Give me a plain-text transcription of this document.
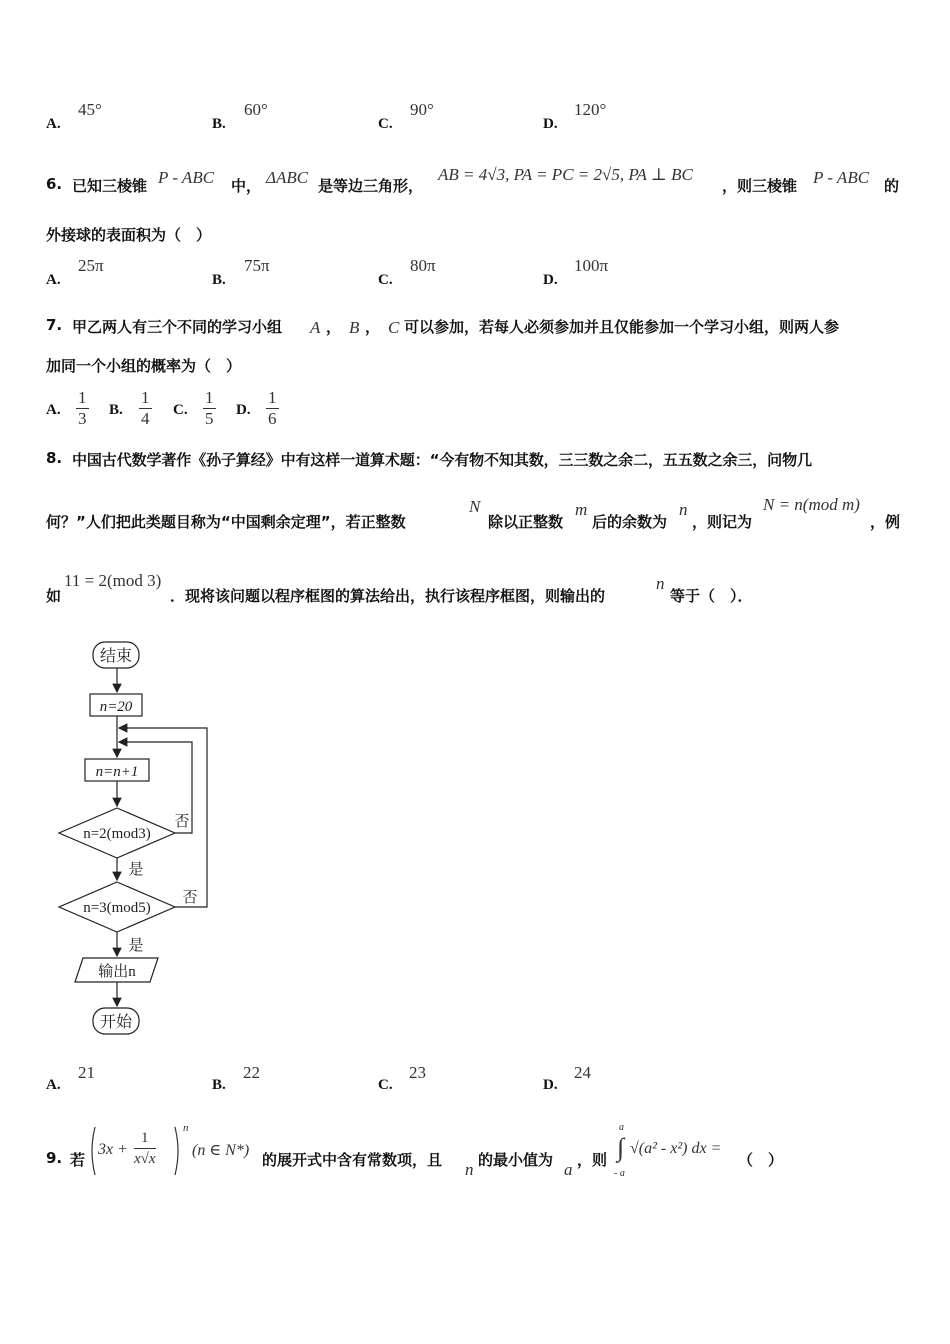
A.
45°
B.
60°
C.
90°
D.
120°
6. 已知三棱锥 P - ABC 中， ΔABC 是等边三角形，
AB = 4√3, PA = PC = 2√5, PA ⊥ BC
，则三棱锥 P - ABC 的
外接球的表面积为（　）
A.
25π
B.
75π
C.
80π
D.
100π
7. 甲乙两人有三个不同的学习小组 A ， B ， C 可以参加，若每人必须参加并且仅能参加一个学习小组，则两人参
加同一个小组的概率为（　）
A. $\frac{1}{3} B$. $\frac{1}{4} C$. $\frac{1}{5} D$. $\frac{1}{6}$
8. 中国古代数学著作《孙子算经》中有这样一道算术题：“今有物不知其数，三三数之余二，五五数之余三，问物几
何？”人们把此类题目称为“中国剩余定理”，若正整数
N
除以正整数
m
后的余数为
n
，则记为
N = n(mod m)
，例
如
11 = 2(mod 3)
．现将该问题以程序框图的算法给出，执行该程序框图，则输出的
n
等于（　）．
结束
n=20
n=n+1
n=2(mod3)
否
是
n=3(mod5)
否
是
输出n
开始
A.
21
B.
22
C.
23
D.
24
9. 若
$3x + \frac{1}{x√x}$ n
(n ∈ N*)
的展开式中含有常数项，且 n 的最小值为 a ，则
a
∫
- a
√(a² - x²) dx =
（　）
